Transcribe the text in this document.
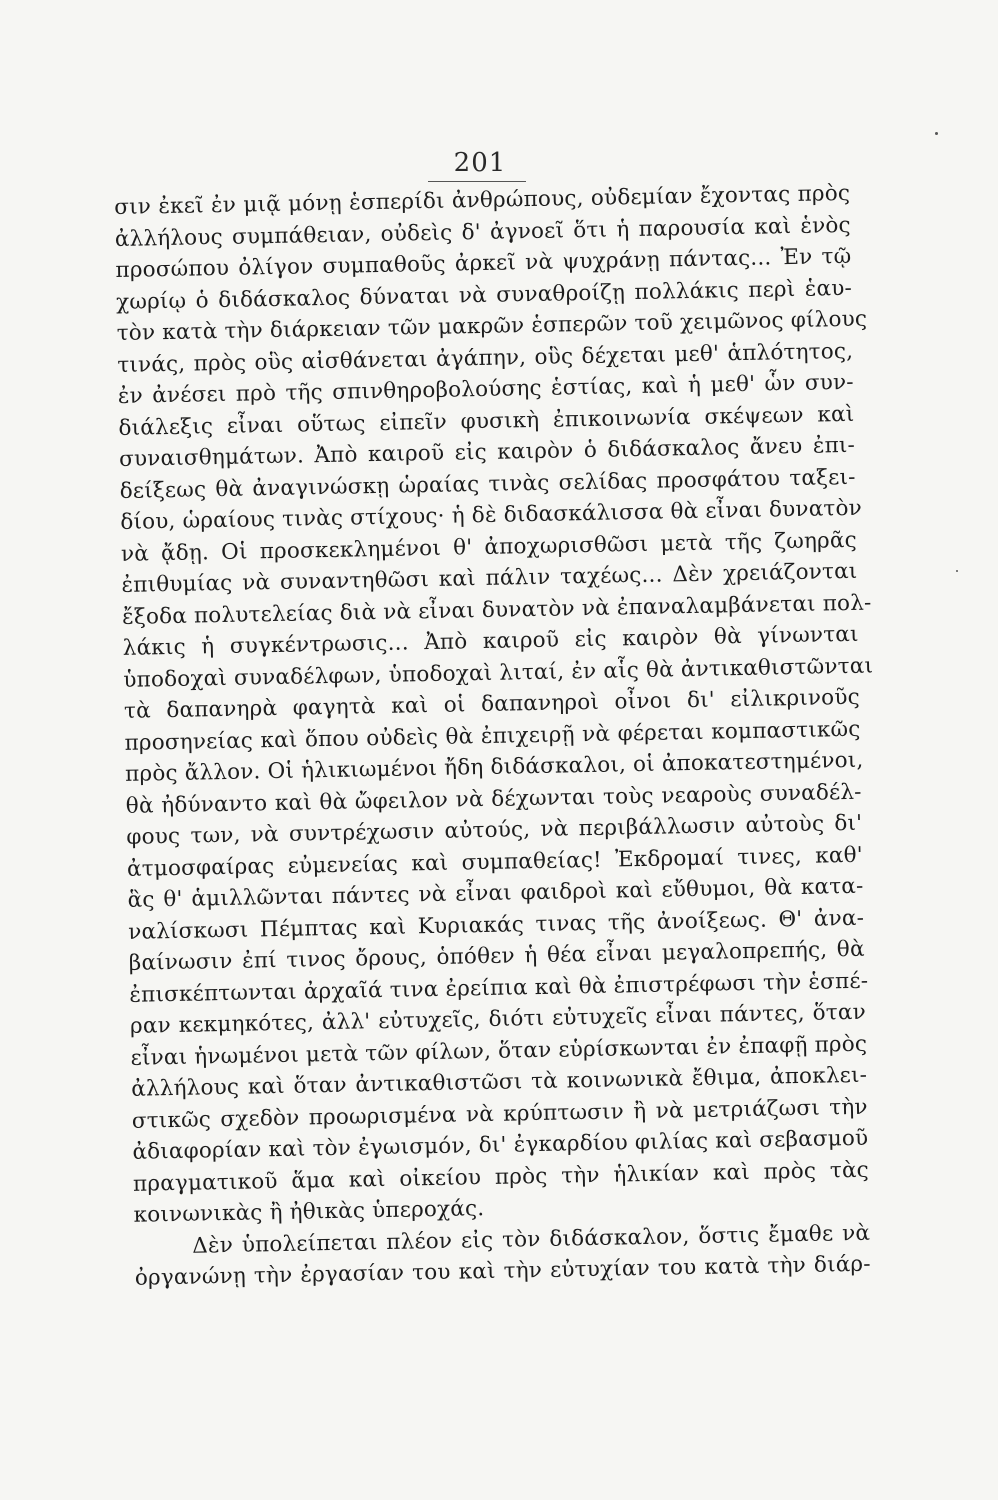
201
σιν ἐκεῖ ἐν μιᾷ μόνῃ ἑσπερίδι ἀνθρώπους, οὐδεμίαν ἔχοντας πρὸς
ἀλλήλους συμπάθειαν, οὐδεὶς δ' ἀγνοεῖ ὅτι ἡ παρουσία καὶ ἑνὸς
προσώπου ὀλίγον συμπαθοῦς ἀρκεῖ νὰ ψυχράνῃ πάντας... Ἐν τῷ
χωρίῳ ὁ διδάσκαλος δύναται νὰ συναθροίζῃ πολλάκις περὶ ἑαυ-
τὸν κατὰ τὴν διάρκειαν τῶν μακρῶν ἑσπερῶν τοῦ χειμῶνος φίλους
τινάς, πρὸς οὓς αἰσθάνεται ἀγάπην, οὓς δέχεται μεθ' ἁπλότητος,
ἐν ἀνέσει πρὸ τῆς σπινθηροβολούσης ἑστίας, καὶ ἡ μεθ' ὧν συν-
διάλεξις εἶναι οὕτως εἰπεῖν φυσικὴ ἐπικοινωνία σκέψεων καὶ
συναισθημάτων. Ἀπὸ καιροῦ εἰς καιρὸν ὁ διδάσκαλος ἄνευ ἐπι-
δείξεως θὰ ἀναγινώσκῃ ὡραίας τινὰς σελίδας προσφάτου ταξει-
δίου, ὡραίους τινὰς στίχους· ἡ δὲ διδασκάλισσα θὰ εἶναι δυνατὸν
νὰ ᾄδῃ. Οἱ προσκεκλημένοι θ' ἀποχωρισθῶσι μετὰ τῆς ζωηρᾶς
ἐπιθυμίας νὰ συναντηθῶσι καὶ πάλιν ταχέως... Δὲν χρειάζονται
ἔξοδα πολυτελείας διὰ νὰ εἶναι δυνατὸν νὰ ἐπαναλαμβάνεται πολ-
λάκις ἡ συγκέντρωσις... Ἀπὸ καιροῦ εἰς καιρὸν θὰ γίνωνται
ὑποδοχαὶ συναδέλφων, ὑποδοχαὶ λιταί, ἐν αἷς θὰ ἀντικαθιστῶνται
τὰ δαπανηρὰ φαγητὰ καὶ οἱ δαπανηροὶ οἶνοι δι' εἰλικρινοῦς
προσηνείας καὶ ὅπου οὐδεὶς θὰ ἐπιχειρῇ νὰ φέρεται κομπαστικῶς
πρὸς ἄλλον. Οἱ ἡλικιωμένοι ἤδη διδάσκαλοι, οἱ ἀποκατεστημένοι,
θὰ ἠδύναντο καὶ θὰ ὤφειλον νὰ δέχωνται τοὺς νεαροὺς συναδέλ-
φους των, νὰ συντρέχωσιν αὐτούς, νὰ περιβάλλωσιν αὐτοὺς δι'
ἀτμοσφαίρας εὐμενείας καὶ συμπαθείας! Ἐκδρομαί τινες, καθ'
ἃς θ' ἁμιλλῶνται πάντες νὰ εἶναι φαιδροὶ καὶ εὔθυμοι, θὰ κατα-
ναλίσκωσι Πέμπτας καὶ Κυριακάς τινας τῆς ἀνοίξεως. Θ' ἀνα-
βαίνωσιν ἐπί τινος ὄρους, ὁπόθεν ἡ θέα εἶναι μεγαλοπρεπής, θὰ
ἐπισκέπτωνται ἀρχαῖά τινα ἐρείπια καὶ θὰ ἐπιστρέφωσι τὴν ἑσπέ-
ραν κεκμηκότες, ἀλλ' εὐτυχεῖς, διότι εὐτυχεῖς εἶναι πάντες, ὅταν
εἶναι ἡνωμένοι μετὰ τῶν φίλων, ὅταν εὑρίσκωνται ἐν ἐπαφῇ πρὸς
ἀλλήλους καὶ ὅταν ἀντικαθιστῶσι τὰ κοινωνικὰ ἔθιμα, ἀποκλει-
στικῶς σχεδὸν προωρισμένα νὰ κρύπτωσιν ἢ νὰ μετριάζωσι τὴν
ἀδιαφορίαν καὶ τὸν ἐγωισμόν, δι' ἐγκαρδίου φιλίας καὶ σεβασμοῦ
πραγματικοῦ ἅμα καὶ οἰκείου πρὸς τὴν ἡλικίαν καὶ πρὸς τὰς
κοινωνικὰς ἢ ἠθικὰς ὑπεροχάς.
Δὲν ὑπολείπεται πλέον εἰς τὸν διδάσκαλον, ὅστις ἔμαθε νὰ
ὀργανώνῃ τὴν ἐργασίαν του καὶ τὴν εὐτυχίαν του κατὰ τὴν διάρ-
